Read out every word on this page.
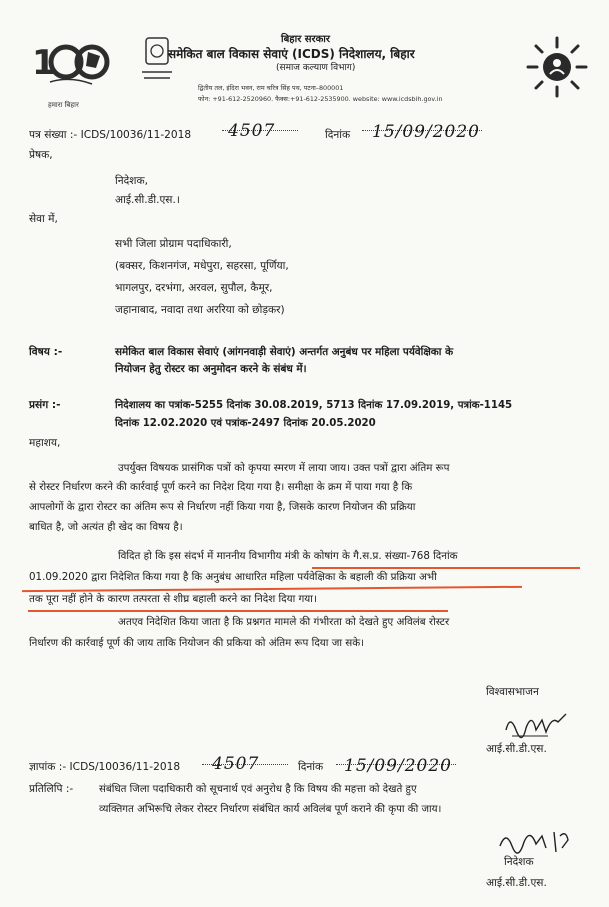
1
हमारा बिहार
बिहार सरकार
समेकित बाल विकास सेवाएं (ICDS) निदेशालय, बिहार
(समाज कल्याण विभाग)
द्वितीय तल, इंदिरा भवन, राम चरित्र सिंह पथ, पटना–800001
फोन: +91-612-2520960. फैक्स:+91-612-2535900. website: www.icdsbih.gov.in
पत्र संख्या :- ICDS/10036/11-2018 4507	दिनांक 15/09/2020
प्रेषक,
निदेशक,
आई.सी.डी.एस.।
सेवा में,
सभी जिला प्रोग्राम पदाधिकारी,
(बक्सर, किशनगंज, मधेपुरा, सहरसा, पूर्णिया,
भागलपुर, दरभंगा, अरवल, सुपौल, कैमूर,
जहानाबाद, नवादा तथा अररिया को छोड़कर)
विषय :-	समेकित बाल विकास सेवाएं (आंगनवाड़ी सेवाएं) अन्तर्गत अनुबंध पर महिला पर्यवेक्षिका के
नियोजन हेतु रोस्टर का अनुमोदन करने के संबंध में।
प्रसंग :-	निदेशालय का पत्रांक-5255 दिनांक 30.08.2019, 5713 दिनांक 17.09.2019, पत्रांक-1145
दिनांक 12.02.2020 एवं पत्रांक-2497 दिनांक 20.05.2020
महाशय,
उपर्युक्त विषयक प्रासंगिक पत्रों को कृपया स्मरण में लाया जाय। उक्त पत्रों द्वारा अंतिम रूप
से रोस्टर निर्धारण करने की कार्रवाई पूर्ण करने का निदेश दिया गया है। समीक्षा के क्रम में पाया गया है कि
आपलोगों के द्वारा रोस्टर का अंतिम रूप से निर्धारण नहीं किया गया है, जिसके कारण नियोजन की प्रक्रिया
बाधित है, जो अत्यंत ही खेद का विषय है।
विदित हो कि इस संदर्भ में माननीय विभागीय मंत्री के कोषांग के गै.स.प्र. संख्या-768 दिनांक
01.09.2020 द्वारा निदेशित किया गया है कि अनुबंध आधारित महिला पर्यवेक्षिका के बहाली की प्रक्रिया अभी
तक पूरा नहीं होने के कारण तत्परता से शीघ्र बहाली करने का निदेश दिया गया।
अतएव निदेशित किया जाता है कि प्रश्नगत मामले की गंभीरता को देखते हुए अविलंब रोस्टर
निर्धारण की कार्रवाई पूर्ण की जाय ताकि नियोजन की प्रकिया को अंतिम रूप दिया जा सके।
विश्वासभाजन
आई.सी.डी.एस.
ज्ञापांक :- ICDS/10036/11-2018 4507	दिनांक 15/09/2020
प्रतिलिपि :-	संबंधित जिला पदाधिकारी को सूचनार्थ एवं अनुरोध है कि विषय की महत्ता को देखते हुए
व्यक्तिगत अभिरूचि लेकर रोस्टर निर्धारण संबंधित कार्य अविलंब पूर्ण कराने की कृपा की जाय।
निदेशक
आई.सी.डी.एस.
